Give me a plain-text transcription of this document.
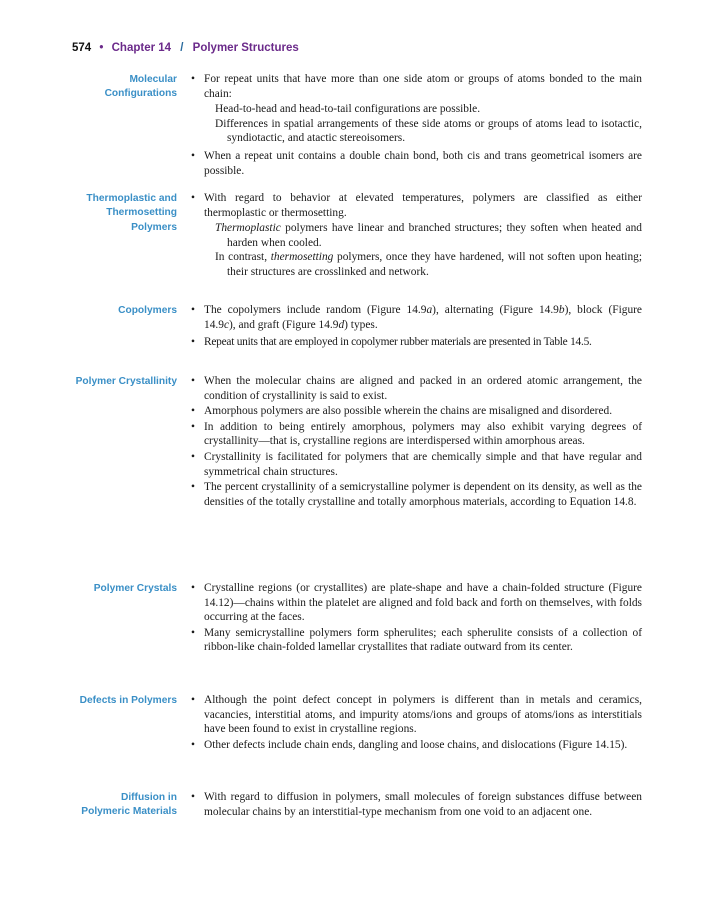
574 • Chapter 14 / Polymer Structures
Molecular
Configurations
• For repeat units that have more than one side atom or groups of atoms bonded to the main chain:
Head-to-head and head-to-tail configurations are possible.
Differences in spatial arrangements of these side atoms or groups of atoms lead to isotactic, syndiotactic, and atactic stereoisomers.
• When a repeat unit contains a double chain bond, both cis and trans geometrical isomers are possible.
Thermoplastic and
Thermosetting
Polymers
• With regard to behavior at elevated temperatures, polymers are classified as either thermoplastic or thermosetting.
Thermoplastic polymers have linear and branched structures; they soften when heated and harden when cooled.
In contrast, thermosetting polymers, once they have hardened, will not soften upon heating; their structures are crosslinked and network.
Copolymers • The copolymers include random (Figure 14.9a), alternating (Figure 14.9b), block (Figure 14.9c), and graft (Figure 14.9d) types.
• Repeat units that are employed in copolymer rubber materials are presented in Table 14.5.
Polymer Crystallinity • When the molecular chains are aligned and packed in an ordered atomic arrangement, the condition of crystallinity is said to exist.
• Amorphous polymers are also possible wherein the chains are misaligned and disordered.
• In addition to being entirely amorphous, polymers may also exhibit varying degrees of crystallinity—that is, crystalline regions are interdispersed within amorphous areas.
• Crystallinity is facilitated for polymers that are chemically simple and that have regular and symmetrical chain structures.
• The percent crystallinity of a semicrystalline polymer is dependent on its density, as well as the densities of the totally crystalline and totally amorphous materials, according to Equation 14.8.
Polymer Crystals • Crystalline regions (or crystallites) are plate-shape and have a chain-folded structure (Figure 14.12)—chains within the platelet are aligned and fold back and forth on themselves, with folds occurring at the faces.
• Many semicrystalline polymers form spherulites; each spherulite consists of a collection of ribbon-like chain-folded lamellar crystallites that radiate outward from its center.
Defects in Polymers • Although the point defect concept in polymers is different than in metals and ceramics, vacancies, interstitial atoms, and impurity atoms/ions and groups of atoms/ions as interstitials have been found to exist in crystalline regions.
• Other defects include chain ends, dangling and loose chains, and dislocations (Figure 14.15).
Diffusion in
Polymeric Materials
• With regard to diffusion in polymers, small molecules of foreign substances diffuse between molecular chains by an interstitial-type mechanism from one void to an adjacent one.
